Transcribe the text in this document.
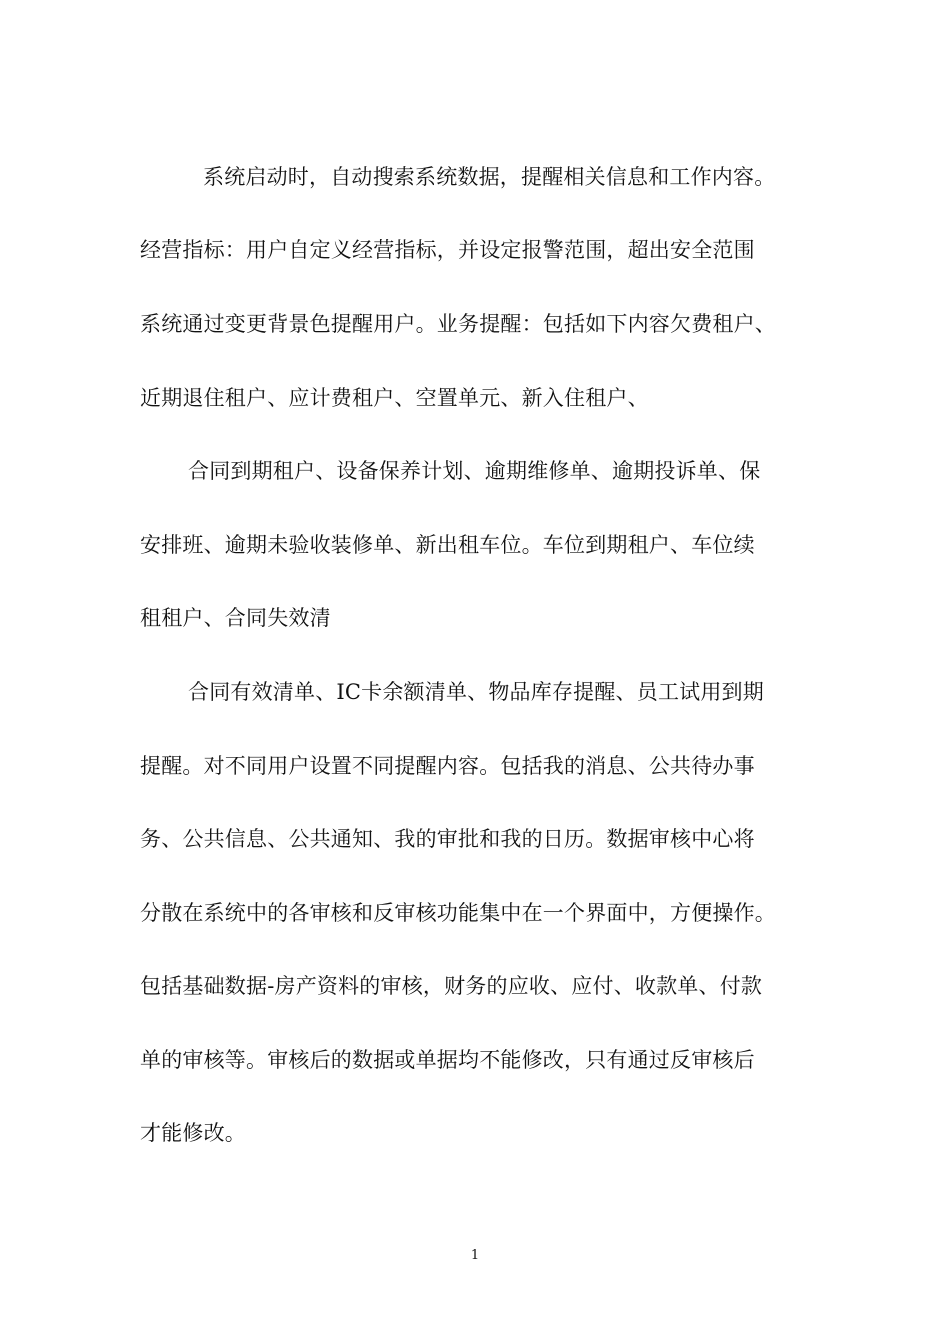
系统启动时，自动搜索系统数据，提醒相关信息和工作内容。
经营指标：用户自定义经营指标，并设定报警范围，超出安全范围
系统通过变更背景色提醒用户。业务提醒：包括如下内容欠费租户、
近期退住租户、应计费租户、空置单元、新入住租户、
合同到期租户、设备保养计划、逾期维修单、逾期投诉单、保
安排班、逾期未验收装修单、新出租车位。车位到期租户、车位续
租租户、合同失效清
合同有效清单、IC卡余额清单、物品库存提醒、员工试用到期
提醒。对不同用户设置不同提醒内容。包括我的消息、公共待办事
务、公共信息、公共通知、我的审批和我的日历。数据审核中心将
分散在系统中的各审核和反审核功能集中在一个界面中，方便操作。
包括基础数据-房产资料的审核，财务的应收、应付、收款单、付款
单的审核等。审核后的数据或单据均不能修改，只有通过反审核后
才能修改。
1
